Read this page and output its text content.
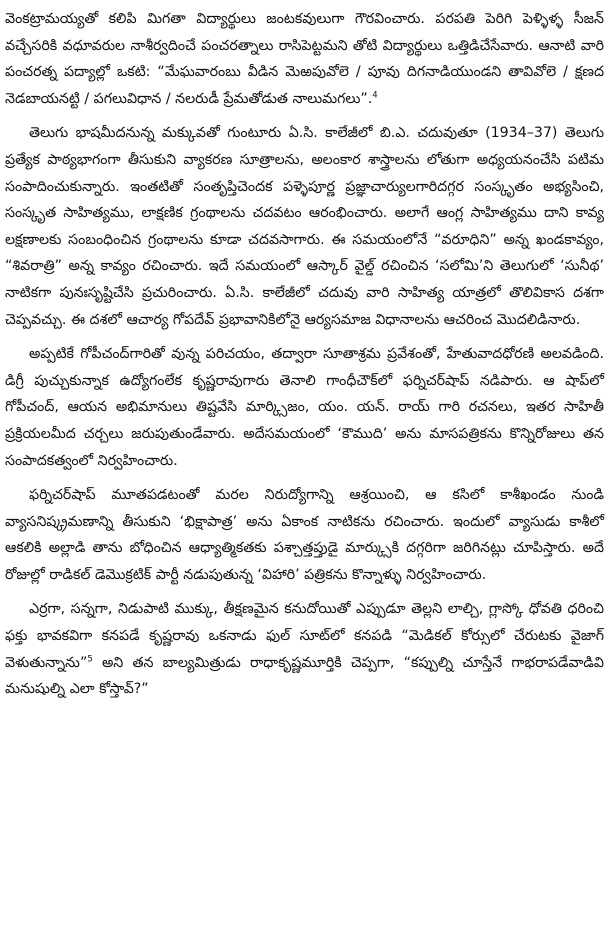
వెంకట్రామయ్యతో కలిపి మిగతా విద్యార్థులు జంటకవులుగా గౌరవించారు. పరపతి పెరిగి పెళ్ళిళ్ళ సీజన్ వచ్చేసరికి వధూవరుల నాశీర్వదించే పంచరత్నాలు రాసిపెట్టమని తోటి విద్యార్థులు ఒత్తిడిచేసేవారు. ఆనాటి వారి పంచరత్న పద్యాల్లో ఒకటి: “మేఘవారంబు వీడిన మెఱపువోలె / పూవు దిగనాడియుండని తావివోలె / క్షణద నెడబాయనట్టి / పగలువిధాన / నలరుడీ ప్రేమతోడుత నాలుమగలు”.$^4$

తెలుగు భాషమీదనున్న మక్కువతో గుంటూరు ఏ.సి. కాలేజీలో బి.ఎ. చదువుతూ (1934–37) తెలుగు ప్రత్యేక పాఠ్యభాగంగా తీసుకుని వ్యాకరణ సూత్రాలను, అలంకార శాస్త్రాలను లోతుగా అధ్యయనంచేసి పటిమ సంపాదించుకున్నారు. ఇంతటితో సంతృప్తిచెందక పళ్ళెపూర్ణ ప్రజ్ఞాచార్యులగారిదగ్గర సంస్కృతం అభ్యసించి, సంస్కృత సాహిత్యము, లాక్షణిక గ్రంథాలను చదవటం ఆరంభించారు. అలాగే ఆంగ్ల సాహిత్యము దాని కావ్య లక్షణాలకు సంబంధించిన గ్రంథాలను కూడా చదవసాగారు. ఈ సమయంలోనే “వరూధిని” అన్న ఖండకావ్యం, “శివరాత్రి” అన్న కావ్యం రచించారు. ఇదే సమయంలో ఆస్కార్ వైల్డ్ రచించిన ‘సలోమి’ని తెలుగులో ‘సునీథ’ నాటికగా పునఃసృష్టిచేసి ప్రచురించారు. ఏ.సి. కాలేజీలో చదువు వారి సాహిత్య యాత్రలో తొలివికాస దశగా చెప్పవచ్చు. ఈ దశలో ఆచార్య గోపదేవ్ ప్రభావానికిలోనై ఆర్యసమాజ విధానాలను ఆచరించ మొదలిడినారు.

అప్పటికే గోపీచంద్‌గారితో వున్న పరిచయం, తద్వారా సూతాశ్రమ ప్రవేశంతో, హేతువాదధోరణి అలవడింది. డిగ్రీ పుచ్చుకున్నాక ఉద్యోగంలేక కృష్ణరావుగారు తెనాలి గాంధీచౌక్‌లో ఫర్నిచర్‌షాప్ నడిపారు. ఆ షాప్‌లో గోపీచంద్, ఆయన అభిమానులు తిష్టవేసి మార్క్సిజం, యం. యన్. రాయ్ గారి రచనలు, ఇతర సాహితీ ప్రక్రియలమీద చర్చలు జరుపుతుండేవారు. అదేసమయంలో ‘కౌముది’ అను మాసపత్రికను కొన్నిరోజులు తన సంపాదకత్వంలో నిర్వహించారు.

ఫర్నిచర్‌షాప్ మూతపడటంతో మరల నిరుద్యోగాన్ని ఆశ్రయించి, ఆ కసిలో కాశీఖండం నుండి వ్యాసనిష్క్రమణాన్ని తీసుకుని ‘భిక్షాపాత్ర’ అను ఏకాంక నాటికను రచించారు. ఇందులో వ్యాసుడు కాశీలో ఆకలికి అల్లాడి తాను బోధించిన ఆధ్యాత్మికతకు పశ్చాత్తప్తుడై మార్క్సుకి దగ్గరిగా జరిగినట్లు చూపిస్తారు. అదే రోజుల్లో రాడికల్ డెమొక్రటిక్ పార్టీ నడుపుతున్న ‘విహారి’ పత్రికను కొన్నాళ్ళు నిర్వహించారు.

ఎర్రగా, సన్నగా, నిడుపాటి ముక్కు, తీక్షణమైన కనుదోయితో ఎప్పుడూ తెల్లని లాల్చి, గ్లాస్కో ధోవతి ధరించి ఫక్తు భావకవిగా కనపడే కృష్ణరావు ఒకనాడు ఫుల్ సూట్‌లో కనపడి “మెడికల్ కోర్సులో చేరుటకు వైజాగ్ వెళుతున్నాను”$^5$ అని తన బాల్యమిత్రుడు రాధాకృష్ణమూర్తికి చెప్పగా, “కప్పుల్ని చూస్తేనే గాభరాపడేవాడివి మనుషుల్ని ఎలా కోస్తావ్?”
